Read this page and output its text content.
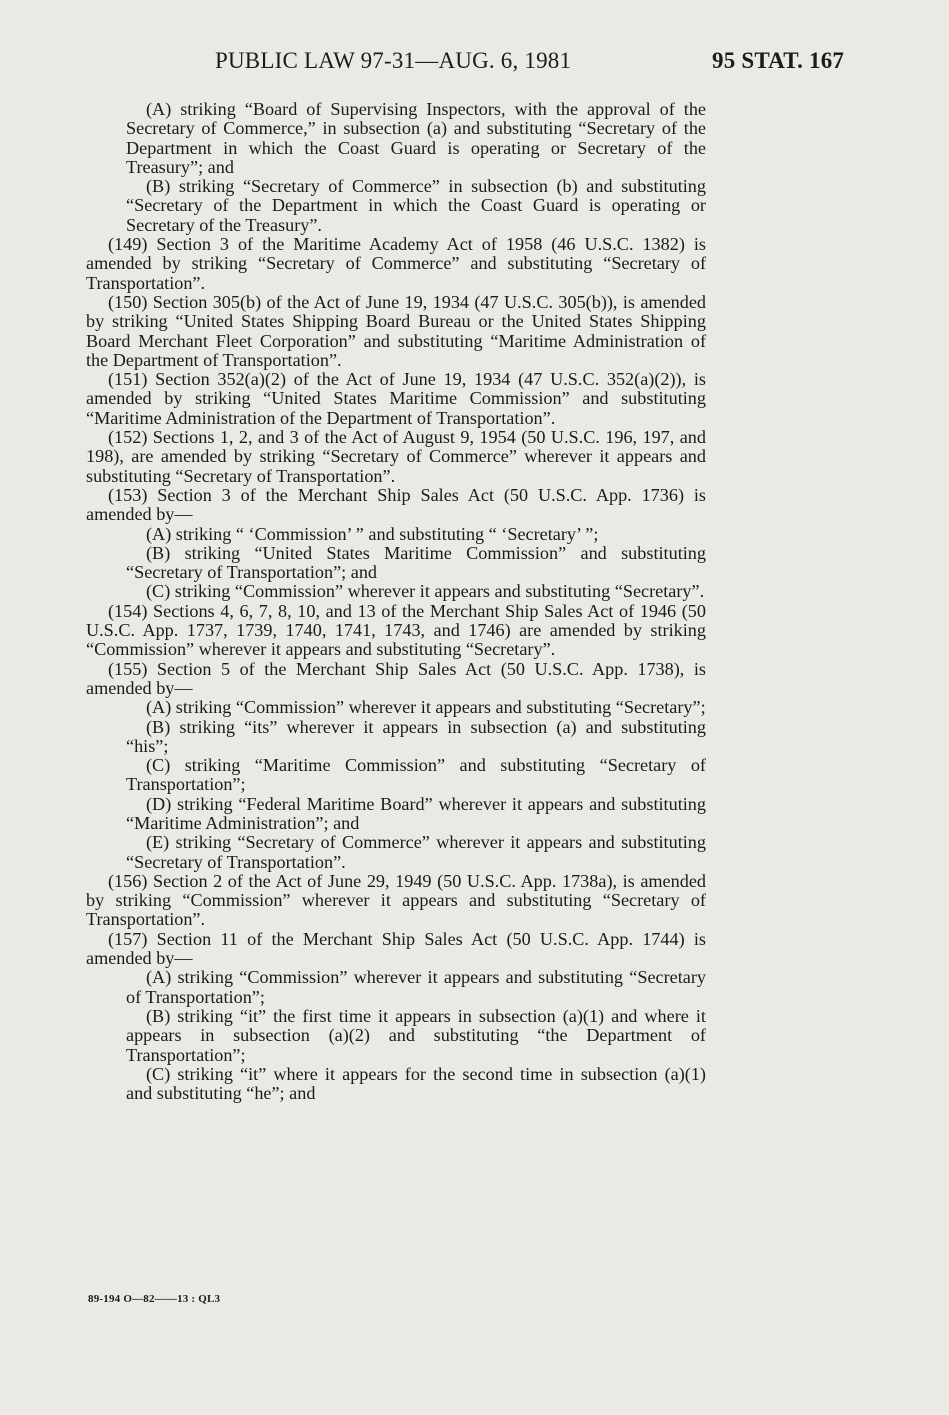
PUBLIC LAW 97-31—AUG. 6, 1981	95 STAT. 167

(A) striking “Board of Supervising Inspectors, with the approval of the Secretary of Commerce,” in subsection (a) and substituting “Secretary of the Department in which the Coast Guard is operating or Secretary of the Treasury”; and

(B) striking “Secretary of Commerce” in subsection (b) and substituting “Secretary of the Department in which the Coast Guard is operating or Secretary of the Treasury”.

(149) Section 3 of the Maritime Academy Act of 1958 (46 U.S.C. 1382) is amended by striking “Secretary of Commerce” and substituting “Secretary of Transportation”.

(150) Section 305(b) of the Act of June 19, 1934 (47 U.S.C. 305(b)), is amended by striking “United States Shipping Board Bureau or the United States Shipping Board Merchant Fleet Corporation” and substituting “Maritime Administration of the Department of Transportation”.

(151) Section 352(a)(2) of the Act of June 19, 1934 (47 U.S.C. 352(a)(2)), is amended by striking “United States Maritime Commission” and substituting “Maritime Administration of the Department of Transportation”.

(152) Sections 1, 2, and 3 of the Act of August 9, 1954 (50 U.S.C. 196, 197, and 198), are amended by striking “Secretary of Commerce” wherever it appears and substituting “Secretary of Transportation”.

(153) Section 3 of the Merchant Ship Sales Act (50 U.S.C. App. 1736) is amended by—

(A) striking “ ‘Commission’ ” and substituting “ ‘Secretary’ ”;

(B) striking “United States Maritime Commission” and substituting “Secretary of Transportation”; and

(C) striking “Commission” wherever it appears and substituting “Secretary”.

(154) Sections 4, 6, 7, 8, 10, and 13 of the Merchant Ship Sales Act of 1946 (50 U.S.C. App. 1737, 1739, 1740, 1741, 1743, and 1746) are amended by striking “Commission” wherever it appears and substituting “Secretary”.

(155) Section 5 of the Merchant Ship Sales Act (50 U.S.C. App. 1738), is amended by—

(A) striking “Commission” wherever it appears and substituting “Secretary”;

(B) striking “its” wherever it appears in subsection (a) and substituting “his”;

(C) striking “Maritime Commission” and substituting “Secretary of Transportation”;

(D) striking “Federal Maritime Board” wherever it appears and substituting “Maritime Administration”; and

(E) striking “Secretary of Commerce” wherever it appears and substituting “Secretary of Transportation”.

(156) Section 2 of the Act of June 29, 1949 (50 U.S.C. App. 1738a), is amended by striking “Commission” wherever it appears and substituting “Secretary of Transportation”.

(157) Section 11 of the Merchant Ship Sales Act (50 U.S.C. App. 1744) is amended by—

(A) striking “Commission” wherever it appears and substituting “Secretary of Transportation”;

(B) striking “it” the first time it appears in subsection (a)(1) and where it appears in subsection (a)(2) and substituting “the Department of Transportation”;

(C) striking “it” where it appears for the second time in subsection (a)(1) and substituting “he”; and

89-194 O—82——13 : QL3
